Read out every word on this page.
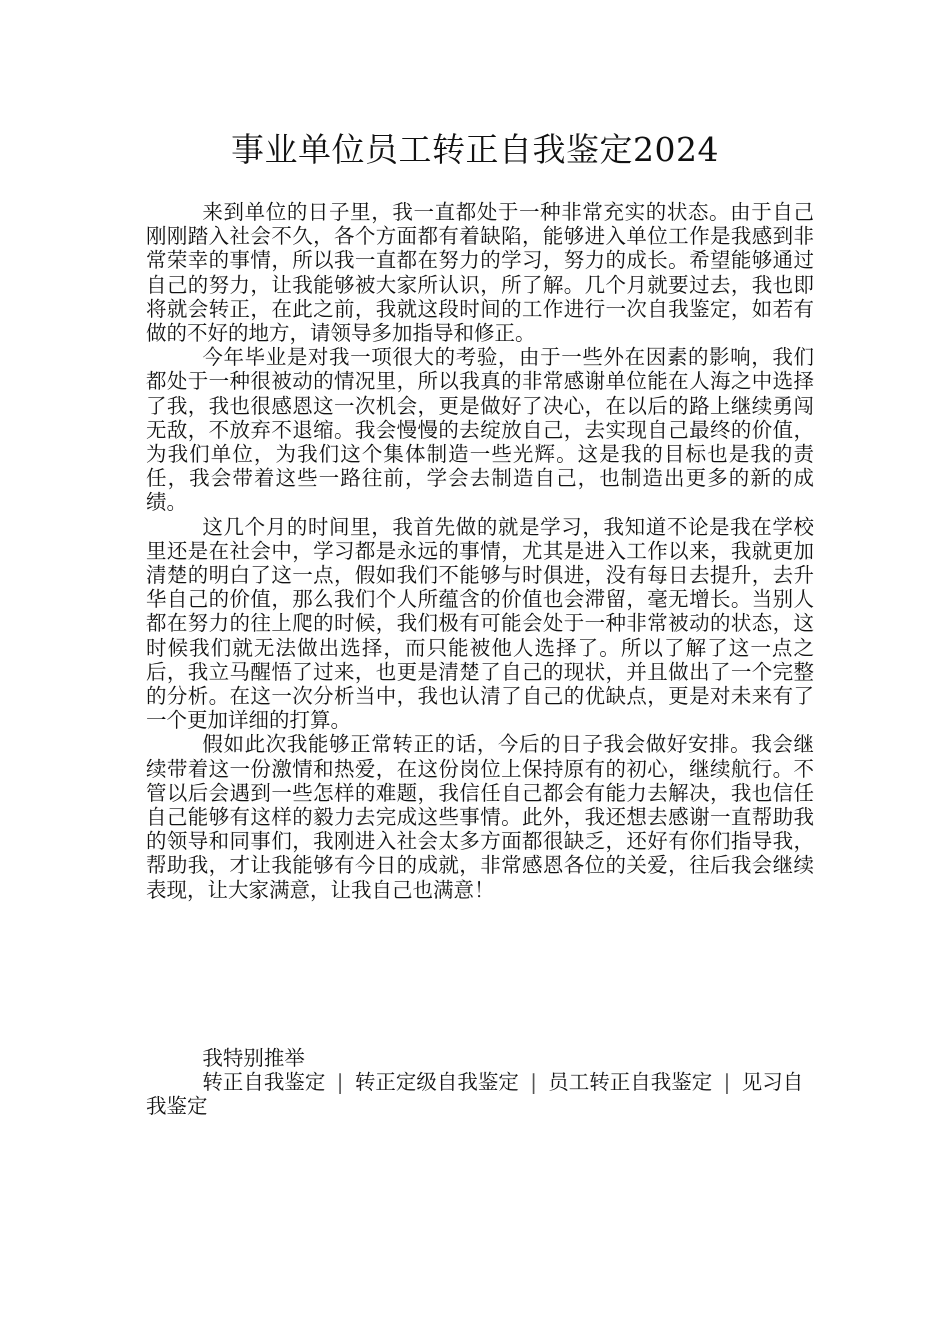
事业单位员工转正自我鉴定2024

来到单位的日子里，我一直都处于一种非常充实的状态。由于自己刚刚踏入社会不久，各个方面都有着缺陷，能够进入单位工作是我感到非常荣幸的事情，所以我一直都在努力的学习，努力的成长。希望能够通过自己的努力，让我能够被大家所认识，所了解。几个月就要过去，我也即将就会转正，在此之前，我就这段时间的工作进行一次自我鉴定，如若有做的不好的地方，请领导多加指导和修正。

今年毕业是对我一项很大的考验，由于一些外在因素的影响，我们都处于一种很被动的情况里，所以我真的非常感谢单位能在人海之中选择了我，我也很感恩这一次机会，更是做好了决心，在以后的路上继续勇闯无敌，不放弃不退缩。我会慢慢的去绽放自己，去实现自己最终的价值，为我们单位，为我们这个集体制造一些光辉。这是我的目标也是我的责任，我会带着这些一路往前，学会去制造自己，也制造出更多的新的成绩。

这几个月的时间里，我首先做的就是学习，我知道不论是我在学校里还是在社会中，学习都是永远的事情，尤其是进入工作以来，我就更加清楚的明白了这一点，假如我们不能够与时俱进，没有每日去提升，去升华自己的价值，那么我们个人所蕴含的价值也会滞留，毫无增长。当别人都在努力的往上爬的时候，我们极有可能会处于一种非常被动的状态，这时候我们就无法做出选择，而只能被他人选择了。所以了解了这一点之后，我立马醒悟了过来，也更是清楚了自己的现状，并且做出了一个完整的分析。在这一次分析当中，我也认清了自己的优缺点，更是对未来有了一个更加详细的打算。

假如此次我能够正常转正的话，今后的日子我会做好安排。我会继续带着这一份激情和热爱，在这份岗位上保持原有的初心，继续航行。不管以后会遇到一些怎样的难题，我信任自己都会有能力去解决，我也信任自己能够有这样的毅力去完成这些事情。此外，我还想去感谢一直帮助我的领导和同事们，我刚进入社会太多方面都很缺乏，还好有你们指导我，帮助我，才让我能够有今日的成就，非常感恩各位的关爱，往后我会继续表现，让大家满意，让我自己也满意！

我特别推举

转正自我鉴定 | 转正定级自我鉴定 | 员工转正自我鉴定 | 见习自我鉴定
